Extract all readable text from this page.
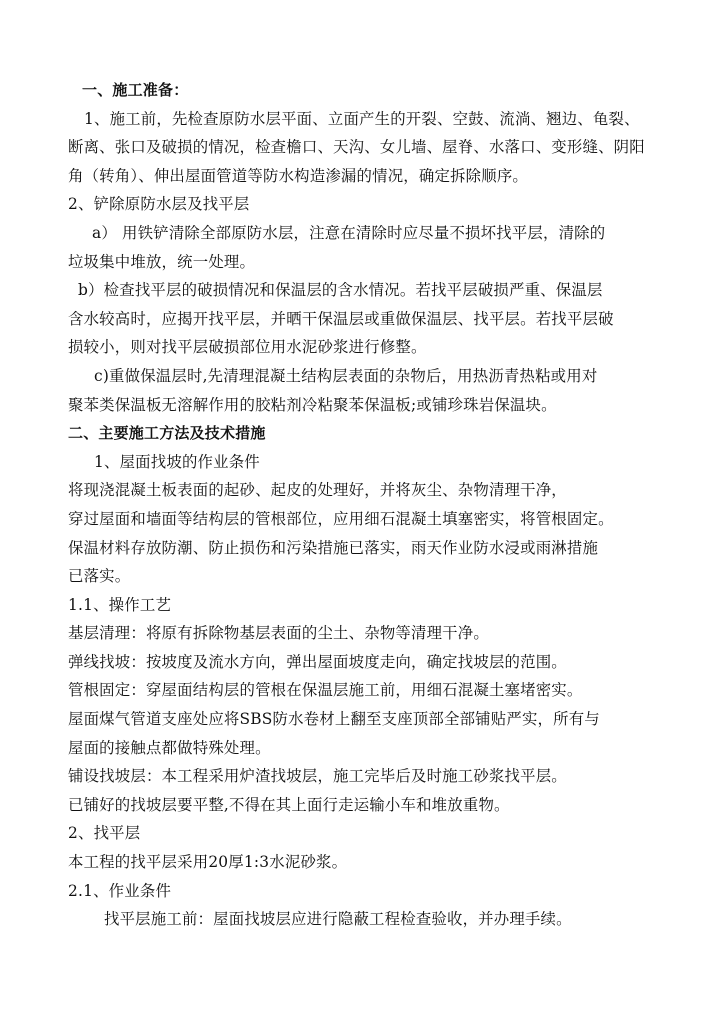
一、施工准备：
1、施工前，先检查原防水层平面、立面产生的开裂、空鼓、流淌、翘边、龟裂、
断离、张口及破损的情况，检查檐口、天沟、女儿墙、屋脊、水落口、变形缝、阴阳
角（转角）、伸出屋面管道等防水构造渗漏的情况，确定拆除顺序。
2、铲除原防水层及找平层
a） 用铁铲清除全部原防水层，注意在清除时应尽量不损坏找平层，清除的
垃圾集中堆放，统一处理。
b）检查找平层的破损情况和保温层的含水情况。若找平层破损严重、保温层
含水较高时，应揭开找平层，并晒干保温层或重做保温层、找平层。若找平层破
损较小，则对找平层破损部位用水泥砂浆进行修整。
c)重做保温层时,先清理混凝土结构层表面的杂物后，用热沥青热粘或用对
聚苯类保温板无溶解作用的胶粘剂冷粘聚苯保温板;或铺珍珠岩保温块。
二、主要施工方法及技术措施
1、屋面找坡的作业条件
将现浇混凝土板表面的起砂、起皮的处理好，并将灰尘、杂物清理干净，
穿过屋面和墙面等结构层的管根部位，应用细石混凝土填塞密实，将管根固定。
保温材料存放防潮、防止损伤和污染措施已落实，雨天作业防水浸或雨淋措施
已落实。
1.1、操作工艺
基层清理：将原有拆除物基层表面的尘土、杂物等清理干净。
弹线找坡：按坡度及流水方向，弹出屋面坡度走向，确定找坡层的范围。
管根固定：穿屋面结构层的管根在保温层施工前，用细石混凝土塞堵密实。
屋面煤气管道支座处应将SBS防水卷材上翻至支座顶部全部铺贴严实，所有与
屋面的接触点都做特殊处理。
铺设找坡层：本工程采用炉渣找坡层，施工完毕后及时施工砂浆找平层。
已铺好的找坡层要平整,不得在其上面行走运输小车和堆放重物。
2、找平层
本工程的找平层采用20厚1:3水泥砂浆。
2.1、作业条件
找平层施工前：屋面找坡层应进行隐蔽工程检查验收，并办理手续。
